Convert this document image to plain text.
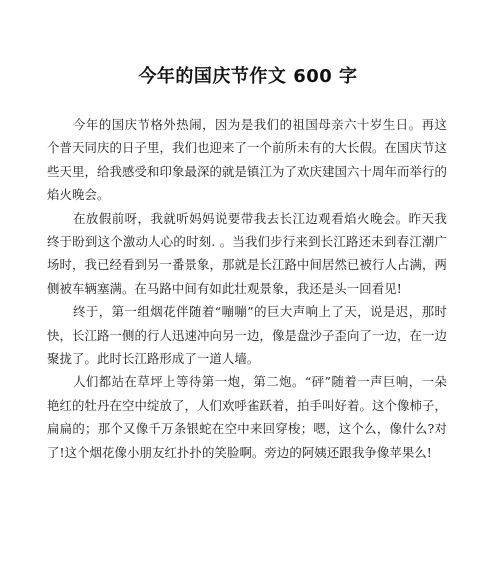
今年的国庆节作文 600 字

今年的国庆节格外热闹，因为是我们的祖国母亲六十岁生日。再这个普天同庆的日子里，我们也迎来了一个前所未有的大长假。在国庆节这些天里，给我感受和印象最深的就是镇江为了欢庆建国六十周年而举行的焰火晚会。

在放假前呀，我就听妈妈说要带我去长江边观看焰火晚会。昨天我终于盼到这个激动人心的时刻. 。当我们步行来到长江路还未到春江潮广场时，我已经看到另一番景象，那就是长江路中间居然已被行人占满，两侧被车辆塞满。在马路中间有如此壮观景象，我还是头一回看见!

终于，第一组烟花伴随着“嘣嘣”的巨大声响上了天，说是迟，那时快，长江路一侧的行人迅速冲向另一边，像是盘沙子歪向了一边，在一边聚拢了。此时长江路形成了一道人墙。

人们都站在草坪上等待第一炮，第二炮。“砰”随着一声巨响，一朵艳红的牡丹在空中绽放了，人们欢呼雀跃着，拍手叫好着。这个像柿子，扁扁的；那个又像千万条银蛇在空中来回穿梭；嗯，这个么，像什么?对了!这个烟花像小朋友红扑扑的笑脸啊。旁边的阿姨还跟我争像苹果么!
